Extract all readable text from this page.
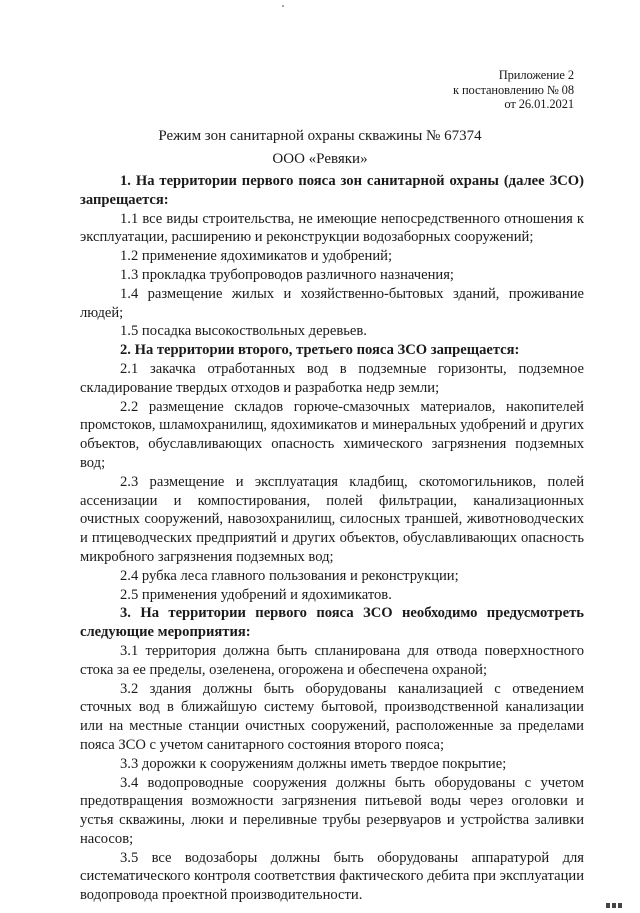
Приложение 2
к постановлению № 08
от 26.01.2021
Режим зон санитарной охраны скважины № 67374
ООО «Ревяки»

1. На территории первого пояса зон санитарной охраны (далее ЗСО) запрещается:

1.1 все виды строительства, не имеющие непосредственного отношения к эксплуатации, расширению и реконструкции водозаборных сооружений;

1.2 применение ядохимикатов и удобрений;

1.3 прокладка трубопроводов различного назначения;

1.4 размещение жилых и хозяйственно-бытовых зданий, проживание людей;

1.5 посадка высокоствольных деревьев.

2. На территории второго, третьего пояса ЗСО запрещается:

2.1 закачка отработанных вод в подземные горизонты, подземное складирование твердых отходов и разработка недр земли;

2.2 размещение складов горюче-смазочных материалов, накопителей промстоков, шламохранилищ, ядохимикатов и минеральных удобрений и других объектов, обуславливающих опасность химического загрязнения подземных вод;

2.3 размещение и эксплуатация кладбищ, скотомогильников, полей ассенизации и компостирования, полей фильтрации, канализационных очистных сооружений, навозохранилищ, силосных траншей, животноводческих и птицеводческих предприятий и других объектов, обуславливающих опасность микробного загрязнения подземных вод;

2.4 рубка леса главного пользования и реконструкции;

2.5 применения удобрений и ядохимикатов.

3. На территории первого пояса ЗСО необходимо предусмотреть следующие мероприятия:

3.1 территория должна быть спланирована для отвода поверхностного стока за ее пределы, озеленена, огорожена и обеспечена охраной;

3.2 здания должны быть оборудованы канализацией с отведением сточных вод в ближайшую систему бытовой, производственной канализации или на местные станции очистных сооружений, расположенные за пределами пояса ЗСО с учетом санитарного состояния второго пояса;

3.3 дорожки к сооружениям должны иметь твердое покрытие;

3.4 водопроводные сооружения должны быть оборудованы с учетом предотвращения возможности загрязнения питьевой воды через оголовки и устья скважины, люки и переливные трубы резервуаров и устройства заливки насосов;

3.5 все водозаборы должны быть оборудованы аппаратурой для систематического контроля соответствия фактического дебита при эксплуатации водопровода проектной производительности.
